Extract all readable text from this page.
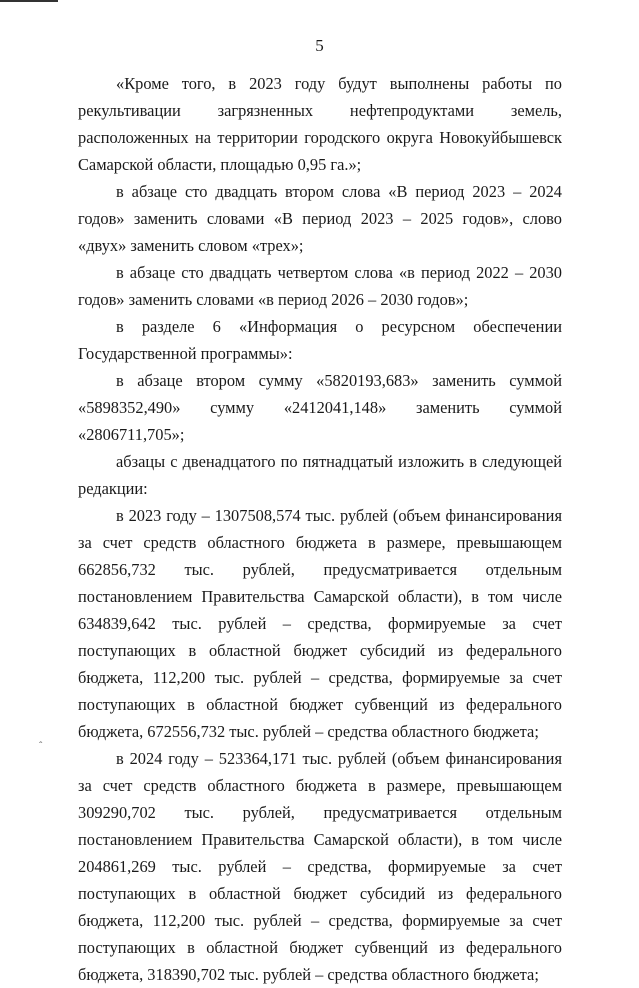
5

«Кроме того, в 2023 году будут выполнены работы по рекультивации загрязненных нефтепродуктами земель, расположенных на территории городского округа Новокуйбышевск Самарской области, площадью 0,95 га.»;

в абзаце сто двадцать втором слова «В период 2023 – 2024 годов» заменить словами «В период 2023 – 2025 годов», слово «двух» заменить словом «трех»;

в абзаце сто двадцать четвертом слова «в период 2022 – 2030 годов» заменить словами «в период 2026 – 2030 годов»;

в разделе 6 «Информация о ресурсном обеспечении Государственной программы»:

в абзаце втором сумму «5820193,683» заменить суммой «5898352,490» сумму «2412041,148» заменить суммой «2806711,705»;

абзацы с двенадцатого по пятнадцатый изложить в следующей редакции:

в 2023 году – 1307508,574 тыс. рублей (объем финансирования за счет средств областного бюджета в размере, превышающем 662856,732 тыс. рублей, предусматривается отдельным постановлением Правительства Самарской области), в том числе 634839,642 тыс. рублей – средства, формируемые за счет поступающих в областной бюджет субсидий из федерального бюджета, 112,200 тыс. рублей – средства, формируемые за счет поступающих в областной бюджет субвенций из федерального бюджета, 672556,732 тыс. рублей – средства областного бюджета;

в 2024 году – 523364,171 тыс. рублей (объем финансирования за счет средств областного бюджета в размере, превышающем 309290,702 тыс. рублей, предусматривается отдельным постановлением Правительства Самарской области), в том числе 204861,269 тыс. рублей – средства, формируемые за счет поступающих в областной бюджет субсидий из федерального бюджета, 112,200 тыс. рублей – средства, формируемые за счет поступающих в областной бюджет субвенций из федерального бюджета, 318390,702 тыс. рублей – средства областного бюджета;

ˆ
